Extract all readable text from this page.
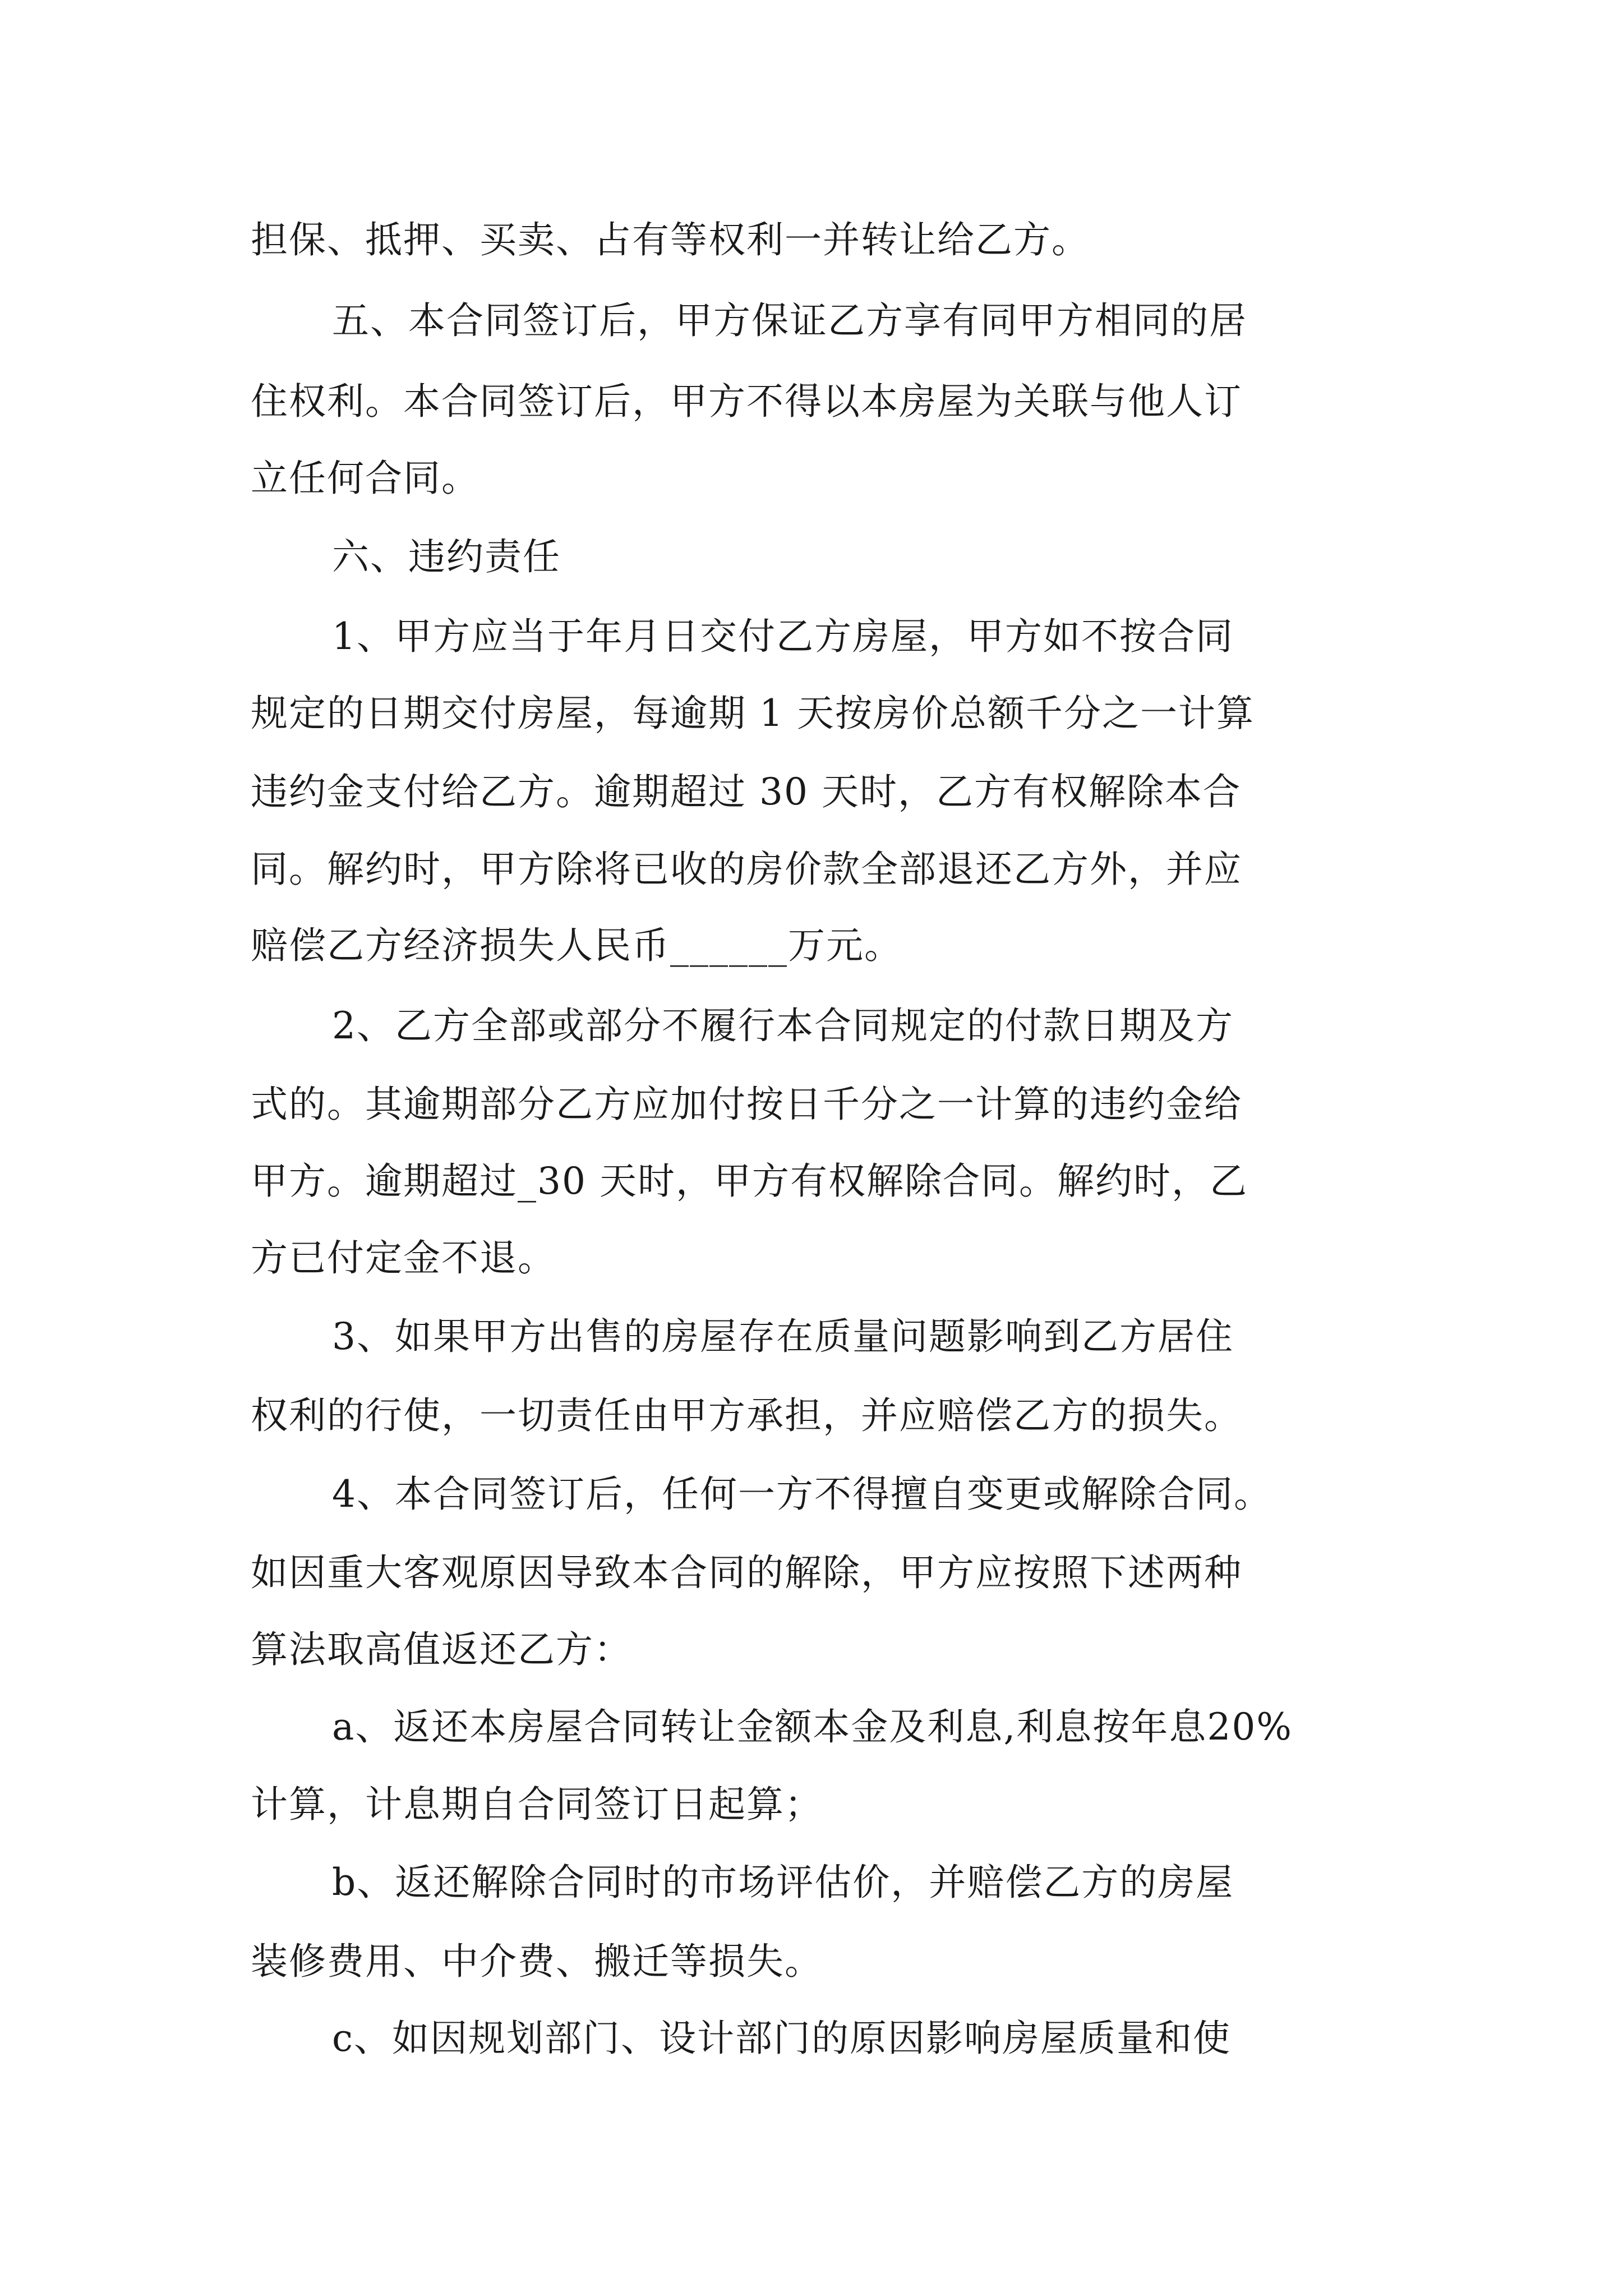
担保、抵押、买卖、占有等权利一并转让给乙方。
五、本合同签订后，甲方保证乙方享有同甲方相同的居
住权利。本合同签订后，甲方不得以本房屋为关联与他人订
立任何合同。
六、违约责任
1、甲方应当于年月日交付乙方房屋，甲方如不按合同
规定的日期交付房屋，每逾期 1 天按房价总额千分之一计算
违约金支付给乙方。逾期超过 30 天时，乙方有权解除本合
同。解约时，甲方除将已收的房价款全部退还乙方外，并应
赔偿乙方经济损失人民币______万元。
2、乙方全部或部分不履行本合同规定的付款日期及方
式的。其逾期部分乙方应加付按日千分之一计算的违约金给
甲方。逾期超过_30 天时，甲方有权解除合同。解约时，乙
方已付定金不退。
3、如果甲方出售的房屋存在质量问题影响到乙方居住
权利的行使，一切责任由甲方承担，并应赔偿乙方的损失。
4、本合同签订后，任何一方不得擅自变更或解除合同。
如因重大客观原因导致本合同的解除，甲方应按照下述两种
算法取高值返还乙方：
a、返还本房屋合同转让金额本金及利息,利息按年息20%
计算，计息期自合同签订日起算；
b、返还解除合同时的市场评估价，并赔偿乙方的房屋
装修费用、中介费、搬迁等损失。
c、如因规划部门、设计部门的原因影响房屋质量和使
